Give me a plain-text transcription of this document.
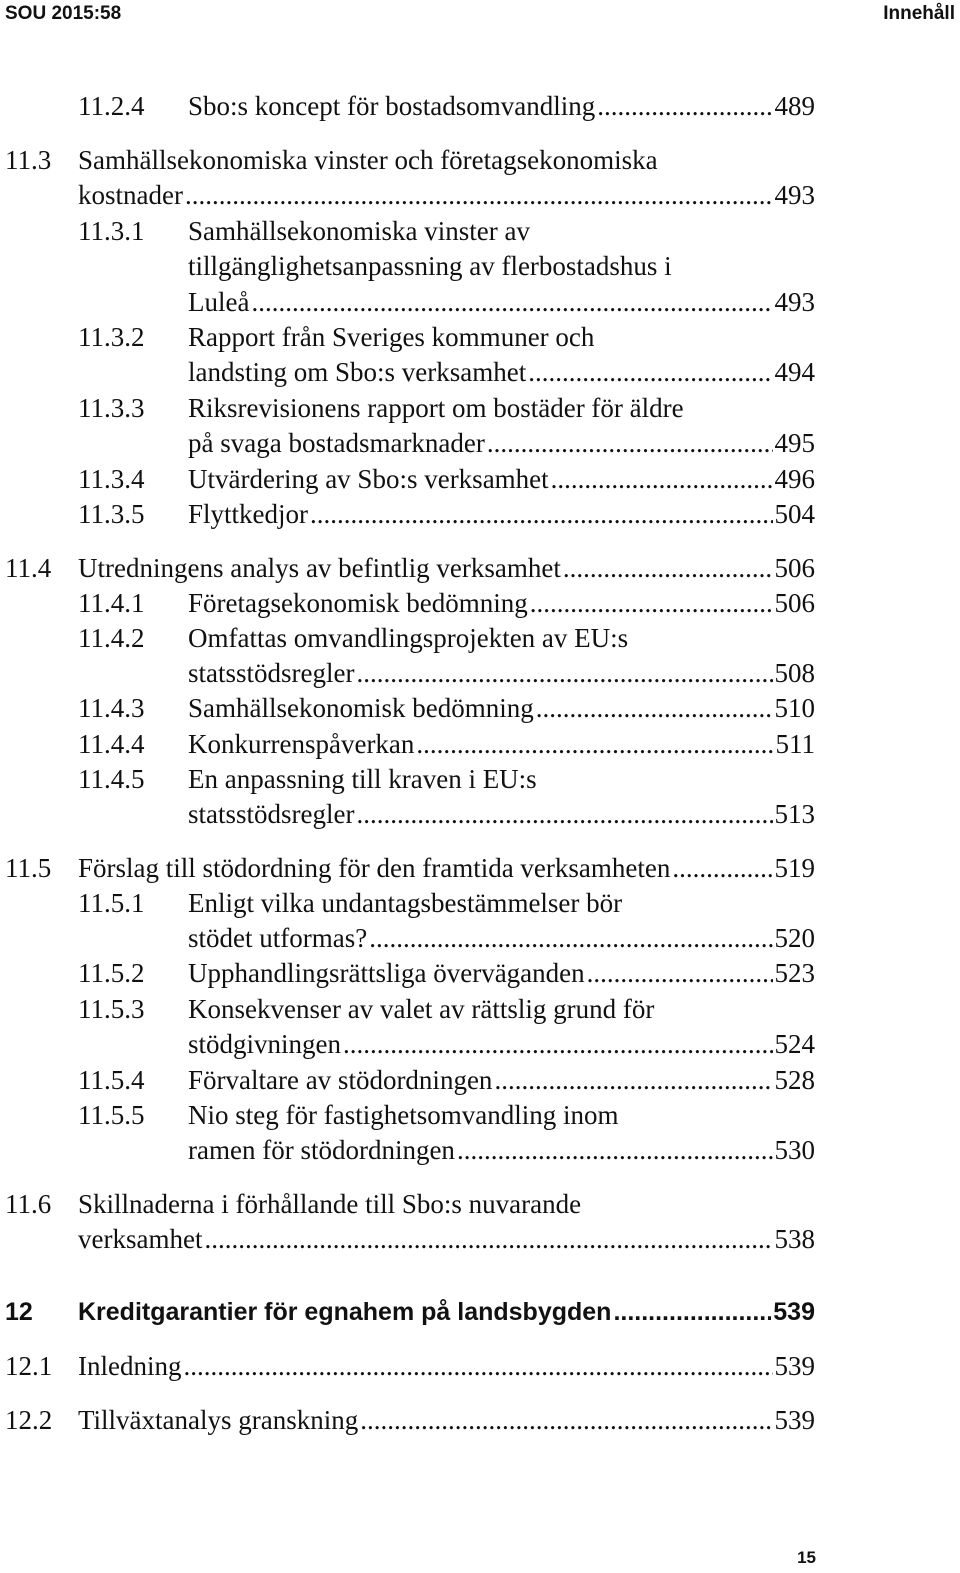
SOU 2015:58	Innehåll
11.2.4 Sbo:s koncept för bostadsomvandling .....	489
11.3 Samhällsekonomiska vinster och företagsekonomiska
kostnader .....	493
11.3.1 Samhällsekonomiska vinster av
tillgänglighetsanpassning av flerbostadshus i
Luleå .....	493
11.3.2 Rapport från Sveriges kommuner och
landsting om Sbo:s verksamhet .....	494
11.3.3 Riksrevisionens rapport om bostäder för äldre
på svaga bostadsmarknader .....	495
11.3.4 Utvärdering av Sbo:s verksamhet .....	496
11.3.5 Flyttkedjor .....	504
11.4 Utredningens analys av befintlig verksamhet .....	506
11.4.1 Företagsekonomisk bedömning .....	506
11.4.2 Omfattas omvandlingsprojekten av EU:s
statsstödsregler .....	508
11.4.3 Samhällsekonomisk bedömning .....	510
11.4.4 Konkurrenspåverkan .....	511
11.4.5 En anpassning till kraven i EU:s
statsstödsregler .....	513
11.5 Förslag till stödordning för den framtida verksamheten .....	519
11.5.1 Enligt vilka undantagsbestämmelser bör
stödet utformas? .....	520
11.5.2 Upphandlingsrättsliga överväganden .....	523
11.5.3 Konsekvenser av valet av rättslig grund för
stödgivningen .....	524
11.5.4 Förvaltare av stödordningen .....	528
11.5.5 Nio steg för fastighetsomvandling inom
ramen för stödordningen .....	530
11.6 Skillnaderna i förhållande till Sbo:s nuvarande
verksamhet .....	538
12 Kreditgarantier för egnahem på landsbygden .....	539
12.1 Inledning .....	539
12.2 Tillväxtanalys granskning .....	539
15
